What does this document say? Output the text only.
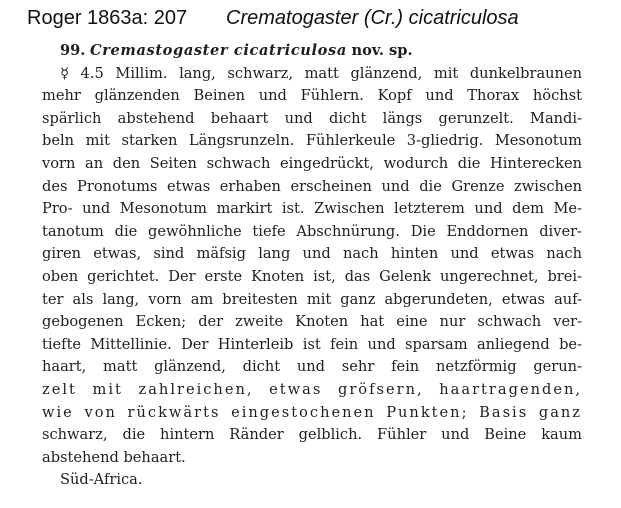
Roger 1863a: 207 Crematogaster (Cr.) cicatriculosa
99. Cremastogaster cicatriculosa nov. sp.
☿ 4.5 Millim. lang, schwarz, matt glänzend, mit dunkelbraunen
mehr glänzenden Beinen und Fühlern. Kopf und Thorax höchst
spärlich abstehend behaart und dicht längs gerunzelt. Mandi-
beln mit starken Längsrunzeln. Fühlerkeule 3-gliedrig. Mesonotum
vorn an den Seiten schwach eingedrückt, wodurch die Hinterecken
des Pronotums etwas erhaben erscheinen und die Grenze zwischen
Pro- und Mesonotum markirt ist. Zwischen letzterem und dem Me-
tanotum die gewöhnliche tiefe Abschnürung. Die Enddornen diver-
giren etwas, sind mäfsig lang und nach hinten und etwas nach
oben gerichtet. Der erste Knoten ist, das Gelenk ungerechnet, brei-
ter als lang, vorn am breitesten mit ganz abgerundeten, etwas auf-
gebogenen Ecken; der zweite Knoten hat eine nur schwach ver-
tiefte Mittellinie. Der Hinterleib ist fein und sparsam anliegend be-
haart, matt glänzend, dicht und sehr fein netzförmig gerun-
zelt mit zahlreichen, etwas gröfsern, haartragenden,
wie von rückwärts eingestochenen Punkten; Basis ganz
schwarz, die hintern Ränder gelblich. Fühler und Beine kaum
abstehend behaart.
Süd-Africa.
